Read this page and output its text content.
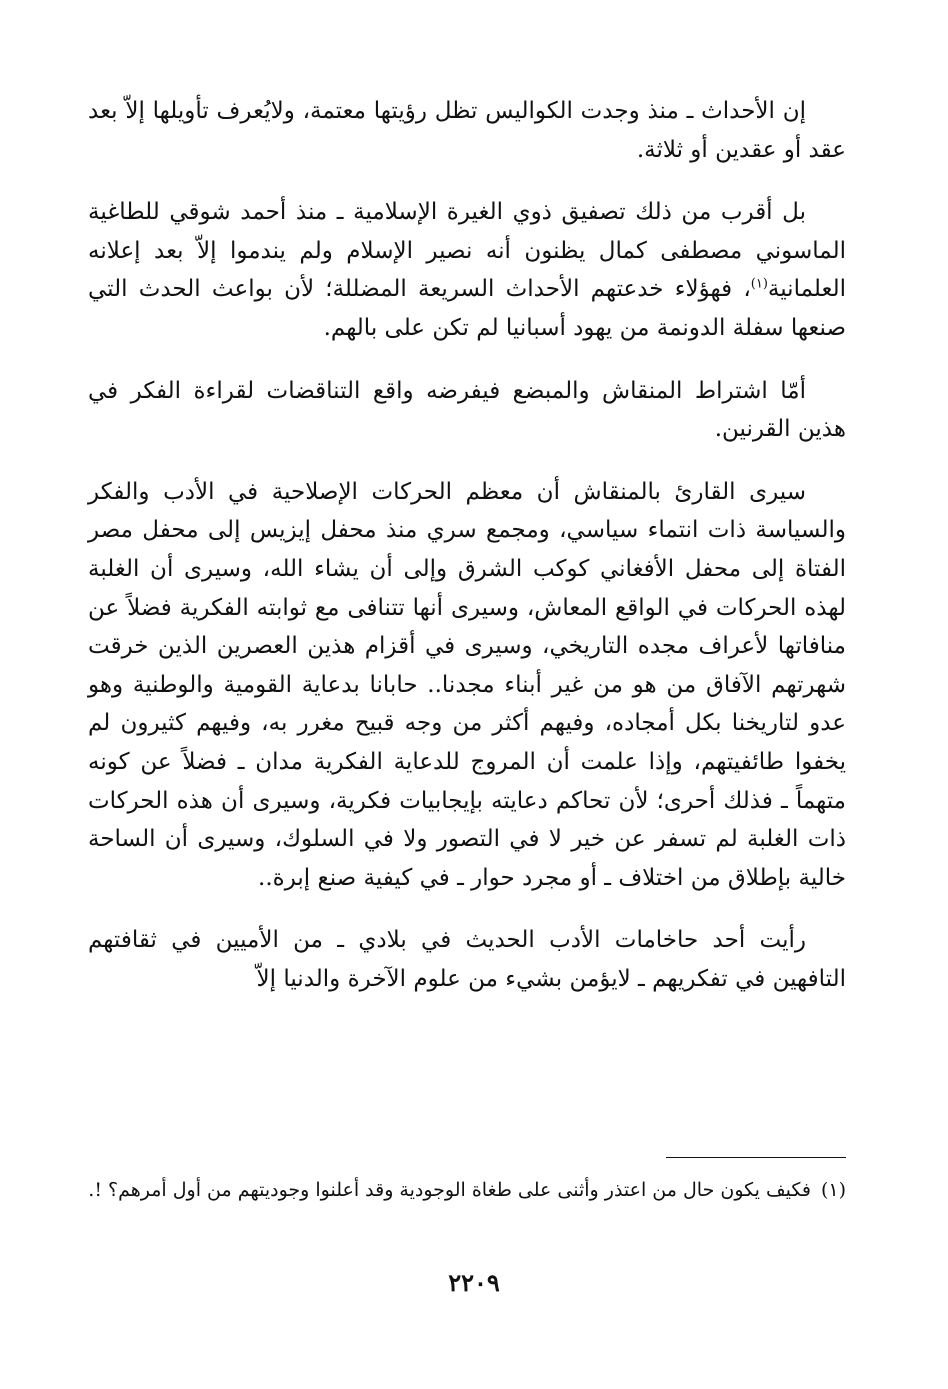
إن الأحداث ـ منذ وجدت الكواليس تظل رؤيتها معتمة، ولايُعرف تأويلها إلاّ بعد عقد أو عقدين أو ثلاثة.

بل أقرب من ذلك تصفيق ذوي الغيرة الإسلامية ـ منذ أحمد شوقي للطاغية الماسوني مصطفى كمال يظنون أنه نصير الإسلام ولم يندموا إلاّ بعد إعلانه العلمانية$^{(١)}$، فهؤلاء خدعتهم الأحداث السريعة المضللة؛ لأن بواعث الحدث التي صنعها سفلة الدونمة من يهود أسبانيا لم تكن على بالهم.

أمّا اشتراط المنقاش والمبضع فيفرضه واقع التناقضات لقراءة الفكر في هذين القرنين.

سيرى القارئ بالمنقاش أن معظم الحركات الإصلاحية في الأدب والفكر والسياسة ذات انتماء سياسي، ومجمع سري منذ محفل إيزيس إلى محفل مصر الفتاة إلى محفل الأفغاني كوكب الشرق وإلى أن يشاء الله، وسيرى أن الغلبة لهذه الحركات في الواقع المعاش، وسيرى أنها تتنافى مع ثوابته الفكرية فضلاً عن منافاتها لأعراف مجده التاريخي، وسيرى في أقزام هذين العصرين الذين خرقت شهرتهم الآفاق من هو من غير أبناء مجدنا.. حابانا بدعاية القومية والوطنية وهو عدو لتاريخنا بكل أمجاده، وفيهم أكثر من وجه قبيح مغرر به، وفيهم كثيرون لم يخفوا طائفيتهم، وإذا علمت أن المروج للدعاية الفكرية مدان ـ فضلاً عن كونه متهماً ـ فذلك أحرى؛ لأن تحاكم دعايته بإيجابيات فكرية، وسيرى أن هذه الحركات ذات الغلبة لم تسفر عن خير لا في التصور ولا في السلوك، وسيرى أن الساحة خالية بإطلاق من اختلاف ـ أو مجرد حوار ـ في كيفية صنع إبرة..

رأيت أحد حاخامات الأدب الحديث في بلادي ـ من الأميين في ثقافتهم التافهين في تفكريهم ـ لايؤمن بشيء من علوم الآخرة والدنيا إلاّ

(١)فكيف يكون حال من اعتذر وأثنى على طغاة الوجودية وقد أعلنوا وجوديتهم من أول أمرهم؟ !.
٢٢٠٩
